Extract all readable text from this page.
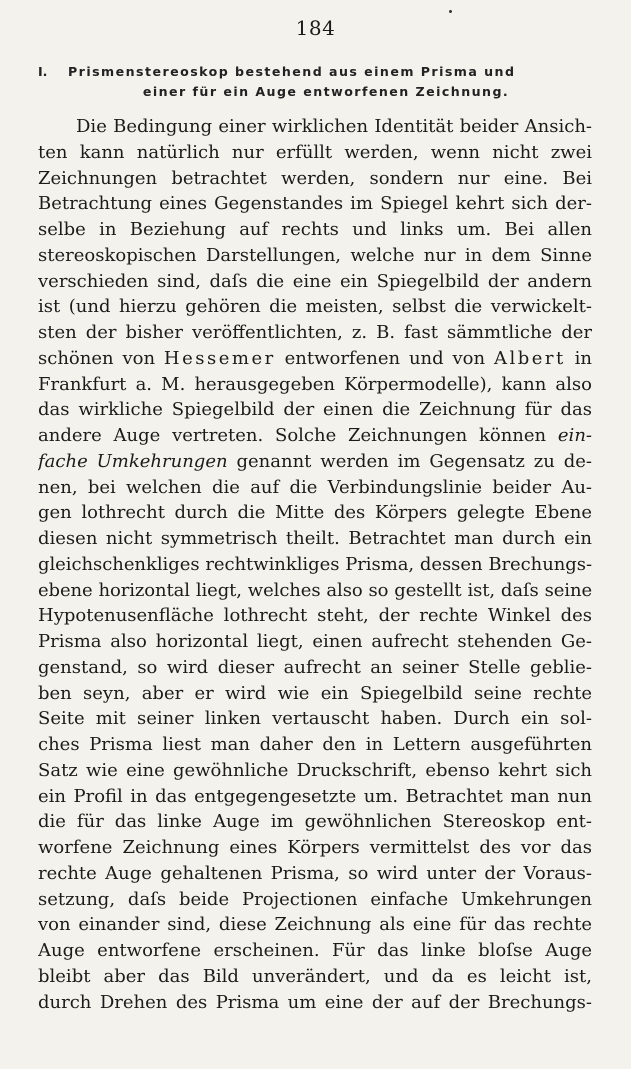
184
I. Prismenstereoskop bestehend aus einem Prisma und
einer für ein Auge entworfenen Zeichnung.
Die Bedingung einer wirklichen Identität beider Ansich-
ten kann natürlich nur erfüllt werden, wenn nicht zwei
Zeichnungen betrachtet werden, sondern nur eine. Bei
Betrachtung eines Gegenstandes im Spiegel kehrt sich der-
selbe in Beziehung auf rechts und links um. Bei allen
stereoskopischen Darstellungen, welche nur in dem Sinne
verschieden sind, daſs die eine ein Spiegelbild der andern
ist (und hierzu gehören die meisten, selbst die verwickelt-
sten der bisher veröffentlichten, z. B. fast sämmtliche der
schönen von Hessemer entworfenen und von Albert in
Frankfurt a. M. herausgegeben Körpermodelle), kann also
das wirkliche Spiegelbild der einen die Zeichnung für das
andere Auge vertreten. Solche Zeichnungen können ein-
fache Umkehrungen genannt werden im Gegensatz zu de-
nen, bei welchen die auf die Verbindungslinie beider Au-
gen lothrecht durch die Mitte des Körpers gelegte Ebene
diesen nicht symmetrisch theilt. Betrachtet man durch ein
gleichschenkliges rechtwinkliges Prisma, dessen Brechungs-
ebene horizontal liegt, welches also so gestellt ist, daſs seine
Hypotenusenfläche lothrecht steht, der rechte Winkel des
Prisma also horizontal liegt, einen aufrecht stehenden Ge-
genstand, so wird dieser aufrecht an seiner Stelle geblie-
ben seyn, aber er wird wie ein Spiegelbild seine rechte
Seite mit seiner linken vertauscht haben. Durch ein sol-
ches Prisma liest man daher den in Lettern ausgeführten
Satz wie eine gewöhnliche Druckschrift, ebenso kehrt sich
ein Profil in das entgegengesetzte um. Betrachtet man nun
die für das linke Auge im gewöhnlichen Stereoskop ent-
worfene Zeichnung eines Körpers vermittelst des vor das
rechte Auge gehaltenen Prisma, so wird unter der Voraus-
setzung, daſs beide Projectionen einfache Umkehrungen
von einander sind, diese Zeichnung als eine für das rechte
Auge entworfene erscheinen. Für das linke bloſse Auge
bleibt aber das Bild unverändert, und da es leicht ist,
durch Drehen des Prisma um eine der auf der Brechungs-
